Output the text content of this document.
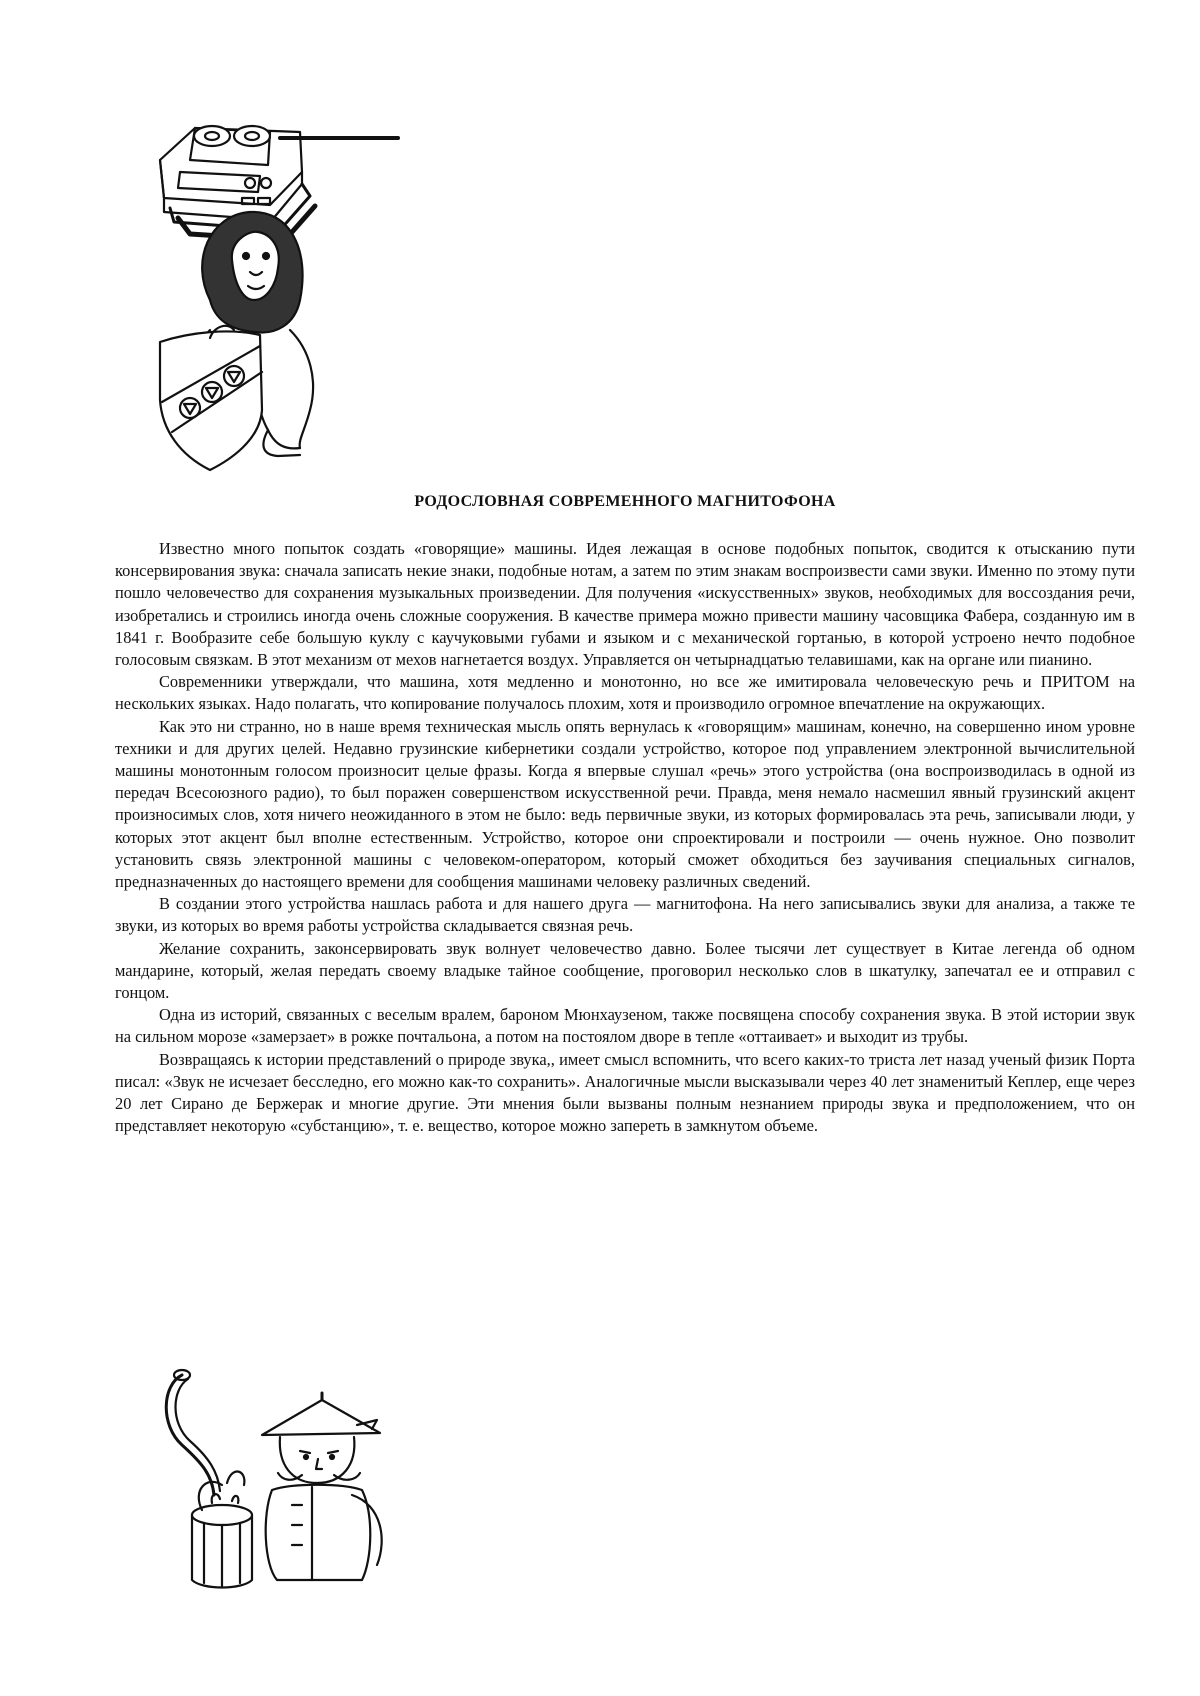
РОДОСЛОВНАЯ СОВРЕМЕННОГО МАГНИТОФОНА

Известно много попыток создать «говорящие» машины. Идея лежащая в основе подобных попыток, сводится к отысканию пути консервирования звука: сначала записать некие знаки, подобные нотам, а затем по этим знакам воспроизвести сами звуки. Именно по этому пути пошло человечество для сохранения музыкальных произведении. Для получения «искусственных» звуков, необходимых для воссоздания речи, изобретались и строились иногда очень сложные сооружения. В качестве примера можно привести машину часовщика Фабера, созданную им в 1841 г. Вообразите себе большую куклу с каучуковыми губами и языком и с механической гортанью, в которой устроено нечто подобное голосовым связкам. В этот механизм от мехов нагнетается воздух. Управляется он четырнадцатью телавишами, как на органе или пианино.

Современники утверждали, что машина, хотя медленно и монотонно, но все же имитировала человеческую речь и ПРИТОМ на нескольких языках. Надо полагать, что копирование получалось плохим, хотя и производило огромное впечатление на окружающих.

Как это ни странно, но в наше время техническая мысль опять вернулась к «говорящим» машинам, конечно, на совершенно ином уровне техники и для других целей. Недавно грузинские кибернетики создали устройство, которое под управлением электронной вычислительной машины монотонным голосом произносит целые фразы. Когда я впервые слушал «речь» этого устройства (она воспроизводилась в одной из передач Всесоюзного радио), то был поражен совершенством искусственной речи. Правда, меня немало насмешил явный грузинский акцент произносимых слов, хотя ничего неожиданного в этом не было: ведь первичные звуки, из которых формировалась эта речь, записывали люди, у которых этот акцент был вполне естественным. Устройство, которое они спроектировали и построили — очень нужное. Оно позволит установить связь электронной машины с человеком-оператором, который сможет обходиться без заучивания специальных сигналов, предназначенных до настоящего времени для сообщения машинами человеку различных сведений.

В создании этого устройства нашлась работа и для нашего друга — магнитофона. На него записывались звуки для анализа, а также те звуки, из которых во время работы устройства складывается связная речь.

Желание сохранить, законсервировать звук волнует человечество давно. Более тысячи лет существует в Китае легенда об одном мандарине, который, желая передать своему владыке тайное сообщение, проговорил несколько слов в шкатулку, запечатал ее и отправил с гонцом.

Одна из историй, связанных с веселым вралем, бароном Мюнхаузеном, также посвящена способу сохранения звука. В этой истории звук на сильном морозе «замерзает» в рожке почтальона, а потом на постоялом дворе в тепле «оттаивает» и выходит из трубы.

Возвращаясь к истории представлений о природе звука,, имеет смысл вспомнить, что всего каких-то триста лет назад ученый физик Порта писал: «Звук не исчезает бесследно, его можно как-то сохранить». Аналогичные мысли высказывали через 40 лет знаменитый Кеплер, еще через 20 лет Сирано де Бержерак и многие другие. Эти мнения были вызваны полным незнанием природы звука и предположением, что он представляет некоторую «субстанцию», т. е. вещество, которое можно запереть в замкнутом объеме.
